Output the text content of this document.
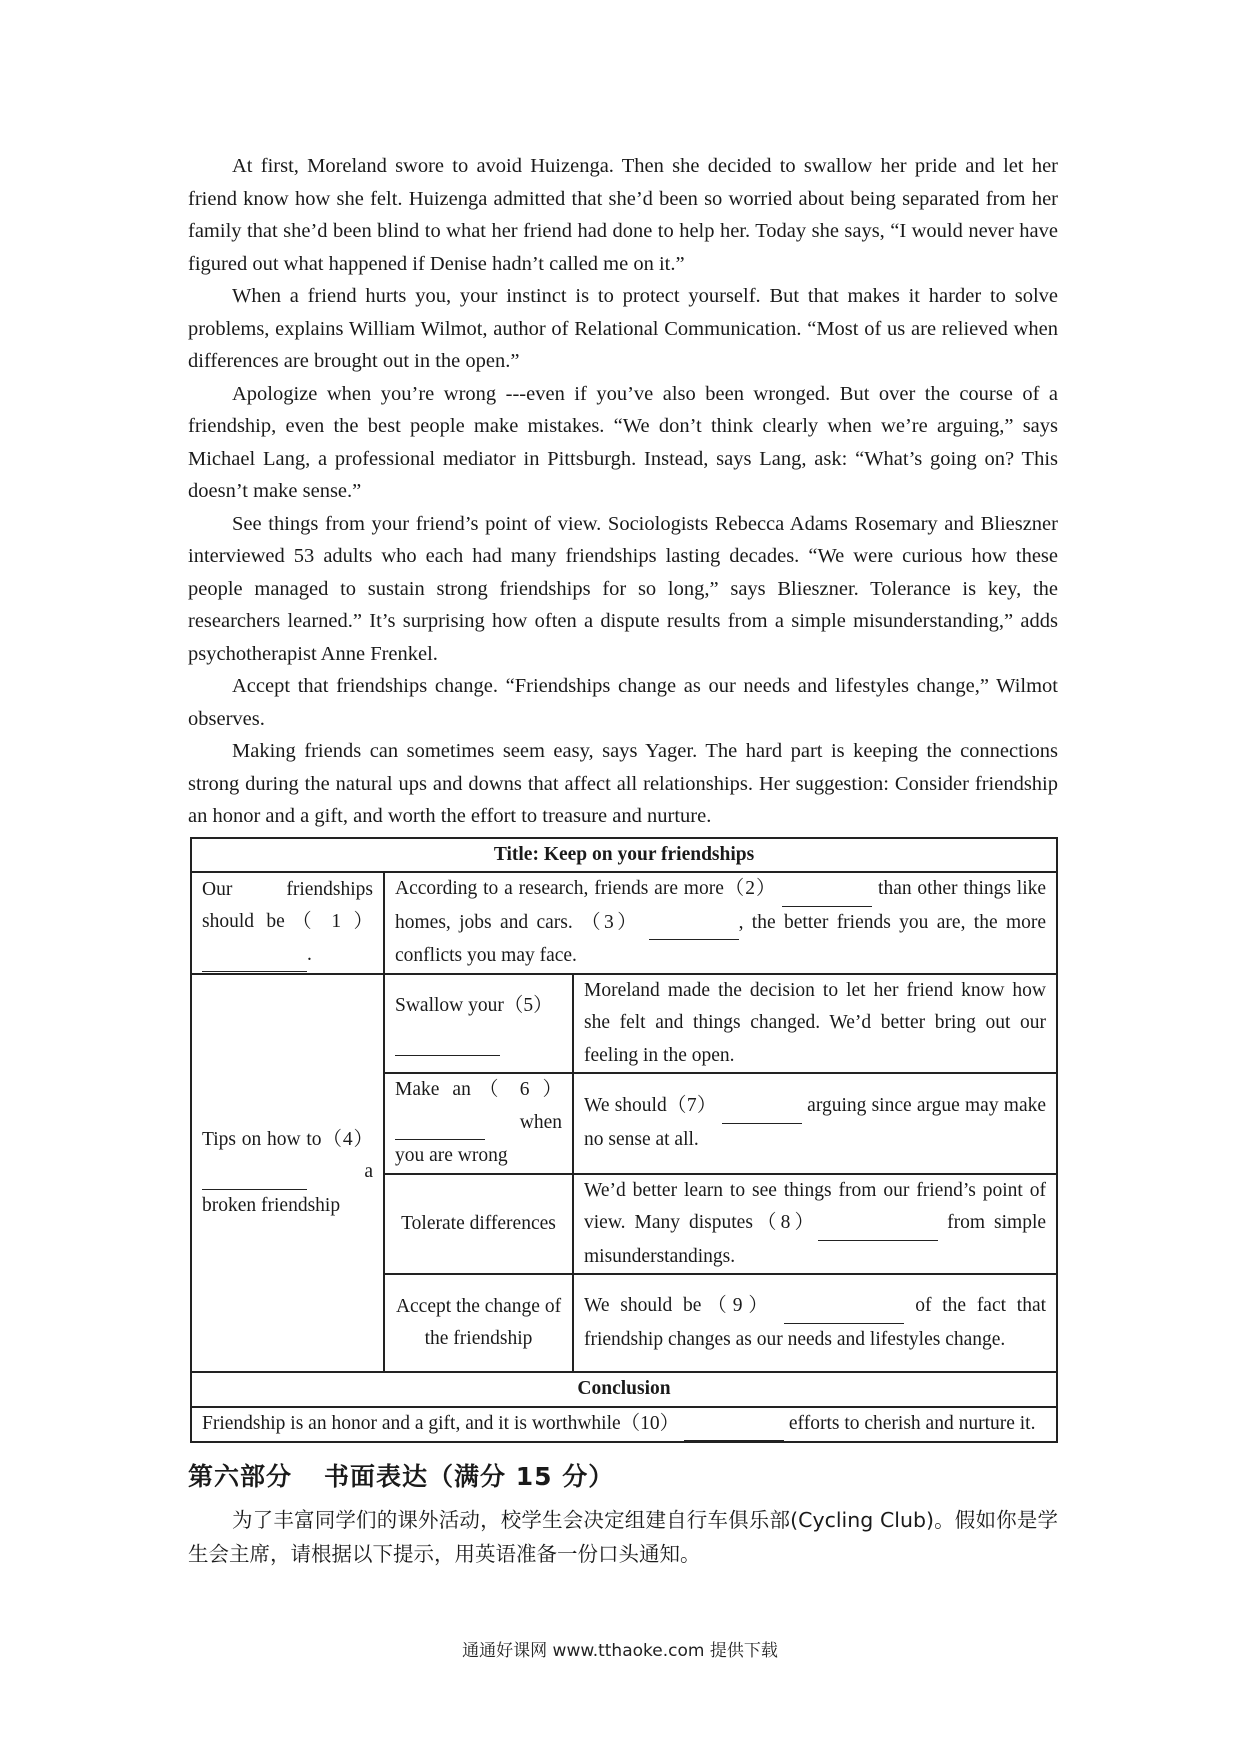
At first, Moreland swore to avoid Huizenga. Then she decided to swallow her pride and let her friend know how she felt. Huizenga admitted that she’d been so worried about being separated from her family that she’d been blind to what her friend had done to help her. Today she says, “I would never have figured out what happened if Denise hadn’t called me on it.”

When a friend hurts you, your instinct is to protect yourself. But that makes it harder to solve problems, explains William Wilmot, author of Relational Communication. “Most of us are relieved when differences are brought out in the open.”

Apologize when you’re wrong ---even if you’ve also been wronged. But over the course of a friendship, even the best people make mistakes. “We don’t think clearly when we’re arguing,” says Michael Lang, a professional mediator in Pittsburgh. Instead, says Lang, ask: “What’s going on? This doesn’t make sense.”

See things from your friend’s point of view. Sociologists Rebecca Adams Rosemary and Blieszner interviewed 53 adults who each had many friendships lasting decades. “We were curious how these people managed to sustain strong friendships for so long,” says Blieszner. Tolerance is key, the researchers learned.” It’s surprising how often a dispute results from a simple misunderstanding,” adds psychotherapist Anne Frenkel.

Accept that friendships change. “Friendships change as our needs and lifestyles change,” Wilmot observes.

Making friends can sometimes seem easy, says Yager. The hard part is keeping the connections strong during the natural ups and downs that affect all relationships. Her suggestion: Consider friendship an honor and a gift, and worth the effort to treasure and nurture.

Title: Keep on your friendships		
Our friendships should be（ 1 ） .	According to a research, friends are more（2） than other things like homes, jobs and cars. （3） , the better friends you are, the more conflicts you may face.	
Tips on how to（4）  a broken friendship	Swallow your（5）	Moreland made the decision to let her friend know how she felt and things changed. We’d better bring out our feeling in the open.
	Make an（ 6 ）  when you are wrong	We should（7） arguing since argue may make no sense at all.
	Tolerate differences	We’d better learn to see things from our friend’s point of view. Many disputes（8） from simple misunderstandings.
	Accept the change of the friendship	We should be（9） of the fact that friendship changes as our needs and lifestyles change.
Conclusion		
Friendship is an honor and a gift, and it is worthwhile（10） efforts to cherish and nurture it.		

第六部分 书面表达（满分 15 分）

为了丰富同学们的课外活动，校学生会决定组建自行车俱乐部(Cycling Club)。假如你是学生会主席，请根据以下提示，用英语准备一份口头通知。

通通好课网 www.tthaoke.com 提供下载
